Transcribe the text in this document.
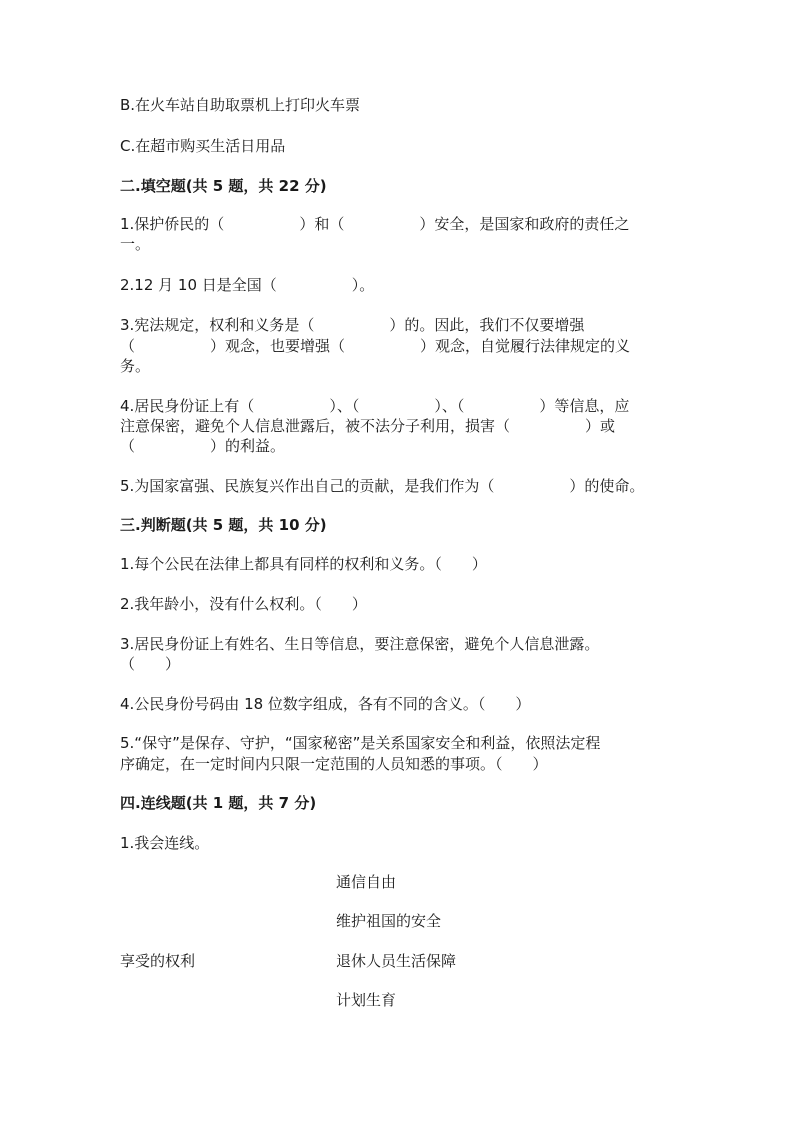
B.在火车站自助取票机上打印火车票
C.在超市购买生活日用品
二.填空题(共 5 题，共 22 分)
1.保护侨民的（　　　　　）和（　　　　　）安全，是国家和政府的责任之
一。
2.12 月 10 日是全国（　　　　　）。
3.宪法规定，权利和义务是（　　　　　）的。因此，我们不仅要增强
（　　　　　）观念，也要增强（　　　　　）观念，自觉履行法律规定的义
务。
4.居民身份证上有（　　　　　）、（　　　　　）、（　　　　　）等信息，应
注意保密，避免个人信息泄露后，被不法分子利用，损害（　　　　　）或
（　　　　　）的利益。
5.为国家富强、民族复兴作出自己的贡献，是我们作为（　　　　　）的使命。
三.判断题(共 5 题，共 10 分)
1.每个公民在法律上都具有同样的权利和义务。（　　）
2.我年龄小，没有什么权利。（　　）
3.居民身份证上有姓名、生日等信息，要注意保密，避免个人信息泄露。
（　　）
4.公民身份号码由 18 位数字组成，各有不同的含义。（　　）
5.“保守”是保存、守护，“国家秘密”是关系国家安全和利益，依照法定程
序确定，在一定时间内只限一定范围的人员知悉的事项。（　　）
四.连线题(共 1 题，共 7 分)
1.我会连线。
通信自由
维护祖国的安全
享受的权利	退休人员生活保障
计划生育
